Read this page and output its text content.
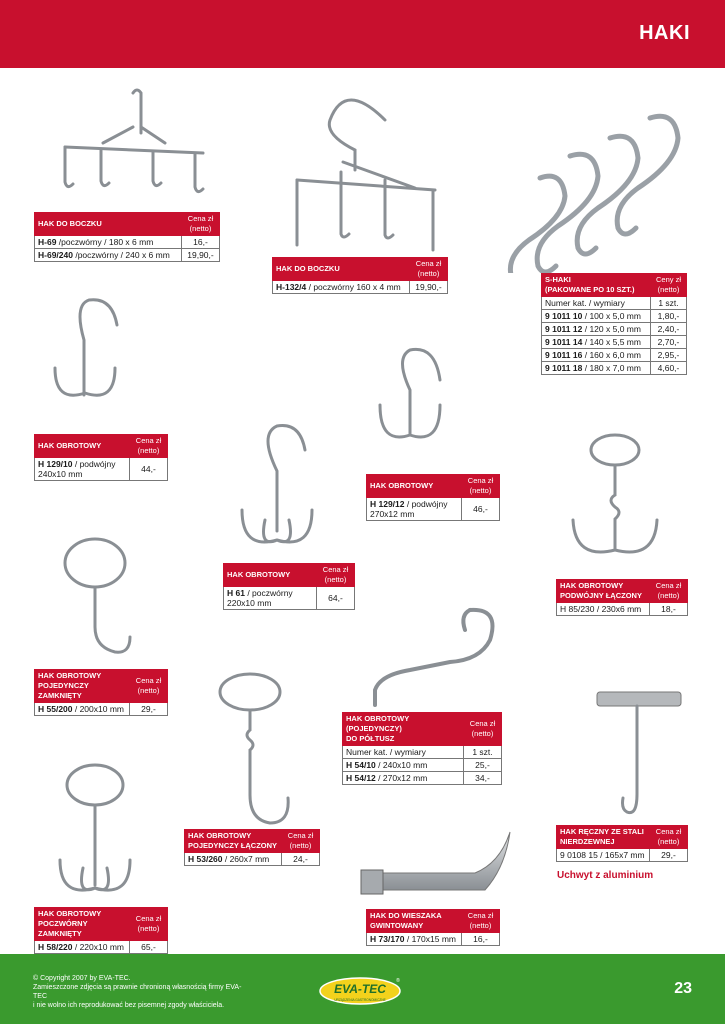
HAKI
HAK DO BOCZKU	Cena zł (netto)
H-69 /poczwórny / 180 x 6 mm	16,-
H-69/240 /poczwórny / 240 x 6 mm	19,90,-
HAK DO BOCZKU	Cena zł (netto)
H-132/4 / poczwórny 160 x 4 mm	19,90,-
S-HAKI
(PAKOWANE PO 10 SZT.)	Ceny zł (netto)
Numer kat. / wymiary	1 szt.
9 1011 10 / 100 x 5,0 mm	1,80,-
9 1011 12 / 120 x 5,0 mm	2,40,-
9 1011 14 / 140 x 5,5 mm	2,70,-
9 1011 16 / 160 x 6,0 mm	2,95,-
9 1011 18 / 180 x 7,0 mm	4,60,-
HAK OBROTOWY	Cena zł (netto)
H 129/10 / podwójny
240x10 mm	44,-
HAK OBROTOWY	Cena zł (netto)
H 129/12 / podwójny
270x12 mm	46,-
HAK OBROTOWY	Cena zł (netto)
H 61 / poczwórny
220x10 mm	64,-
HAK OBROTOWY
PODWÓJNY ŁĄCZONY	Cena zł (netto)
H 85/230 / 230x6 mm	18,-
HAK OBROTOWY
POJEDYNCZY ZAMKNIĘTY	Cena zł (netto)
H 55/200 / 200x10 mm	29,-
HAK OBROTOWY (POJEDYNCZY)
DO PÓŁTUSZ	Cena zł (netto)
Numer kat. / wymiary	1 szt.
H 54/10 / 240x10 mm	25,-
H 54/12 / 270x12 mm	34,-
HAK OBROTOWY
POJEDYNCZY ŁĄCZONY	Cena zł (netto)
H 53/260 / 260x7 mm	24,-
HAK RĘCZNY ZE STALI
NIERDZEWNEJ	Cena zł (netto)
9 0108 15 / 165x7 mm	29,-
Uchwyt z aluminium
HAK OBROTOWY
POCZWÓRNY ZAMKNIĘTY	Cena zł (netto)
H 58/220 / 220x10 mm	65,-
HAK DO WIESZAKA
GWINTOWANY	Cena zł (netto)
H 73/170 / 170x15 mm	16,-
© Copyright 2007 by EVA-TEC.
Zamieszczone zdjęcia są prawnie chronioną własnością firmy EVA-TEC
i nie wolno ich reprodukować bez pisemnej zgody właściciela.
EVA-TEC
URZĄDZENIA GASTRONOMICZNE
®	23
